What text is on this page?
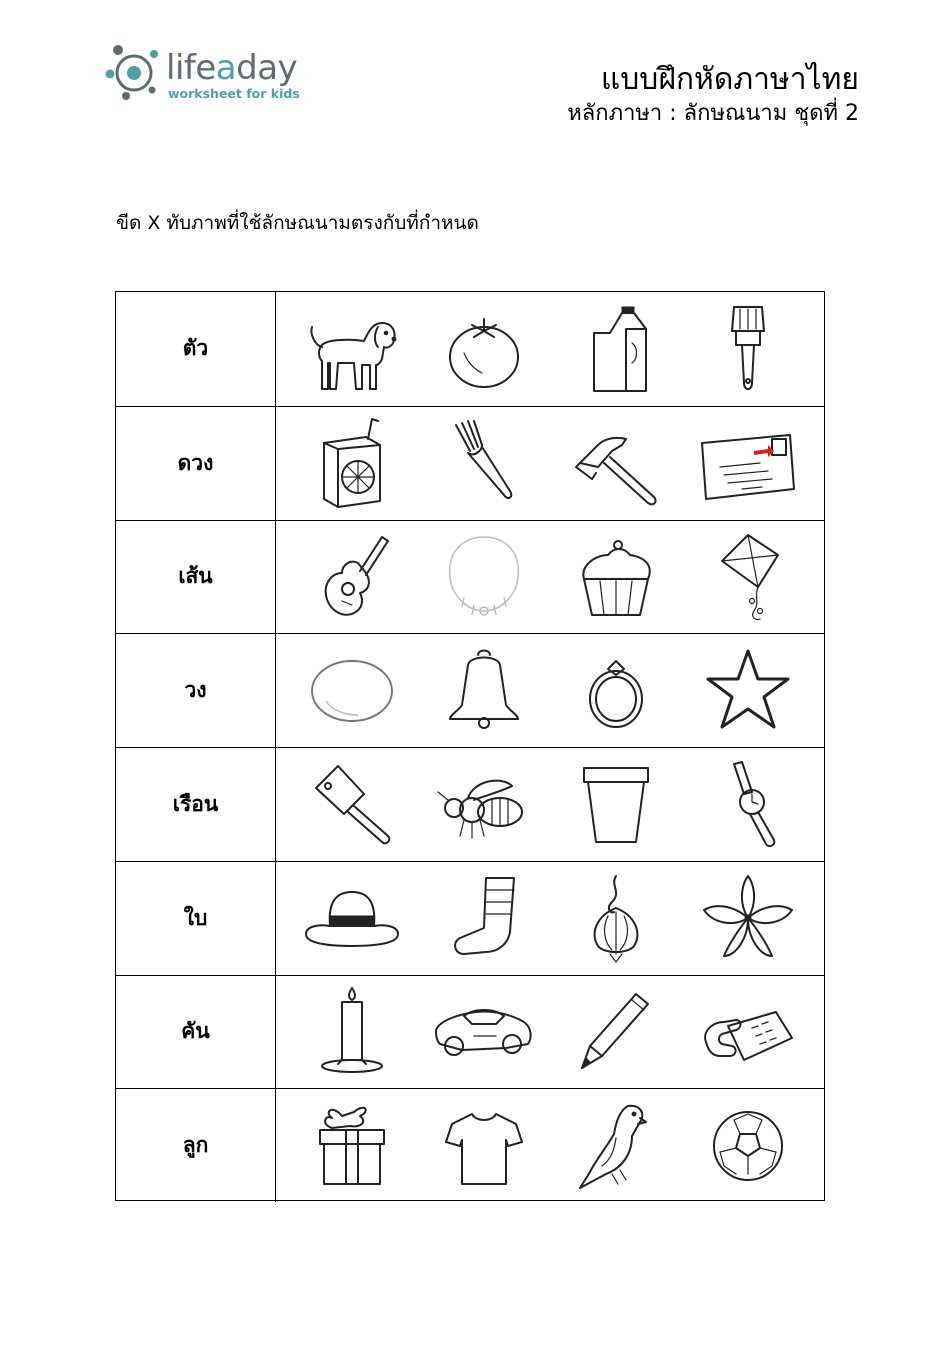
lifeaday
worksheet for kids	แบบฝึกหัดภาษาไทย
หลักภาษา : ลักษณนาม ชุดที่ 2
ขีด X ทับภาพที่ใช้ลักษณนามตรงกับที่กำหนด
ตัว
ดวง
เส้น
วง
เรือน
ใบ
คัน
ลูก
